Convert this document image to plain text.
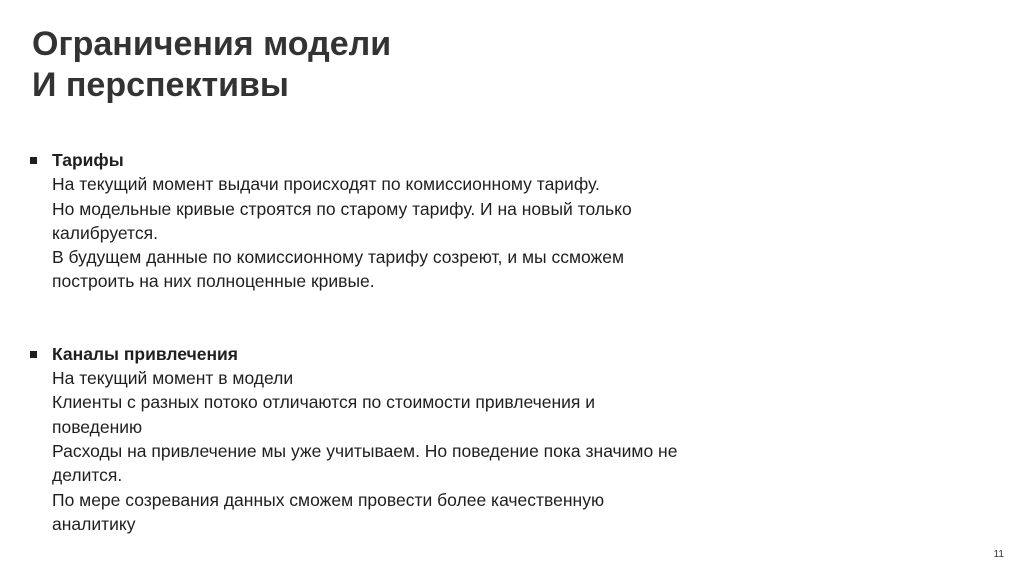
Ограничения модели
И перспективы
Тарифы
На текущий момент выдачи происходят по комиссионному тарифу.
Но модельные кривые строятся по старому тарифу. И на новый только
калибруется.
В будущем данные по комиссионному тарифу созреют, и мы ссможем
построить на них полноценные кривые.
Каналы привлечения
На текущий момент в модели
Клиенты с разных потоко отличаются по стоимости привлечения и
поведению
Расходы на привлечение мы уже учитываем. Но поведение пока значимо не
делится.
По мере созревания данных сможем провести более качественную
аналитику
11
